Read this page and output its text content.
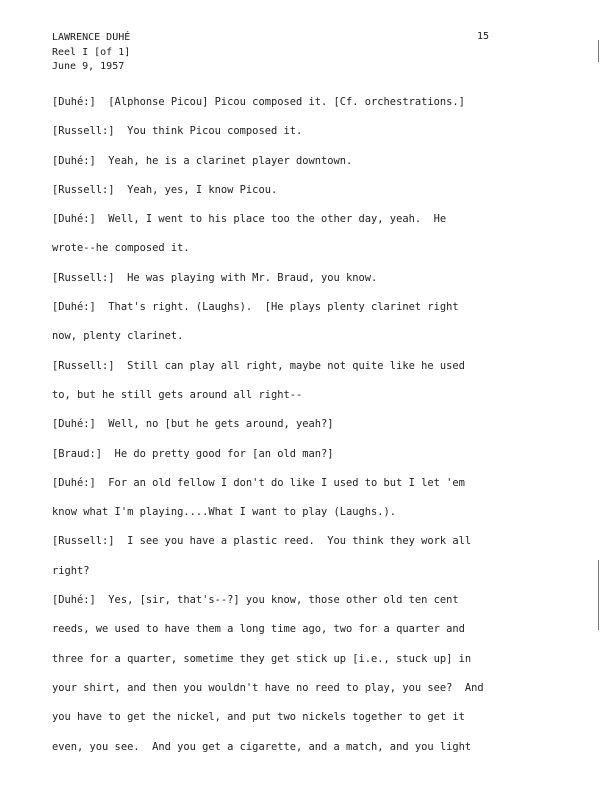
LAWRENCE DUHÉ
Reel I [of 1]
June 9, 1957
15
[Duhé:]  [Alphonse Picou] Picou composed it. [Cf. orchestrations.]
[Russell:]  You think Picou composed it.
[Duhé:]  Yeah, he is a clarinet player downtown.
[Russell:]  Yeah, yes, I know Picou.
[Duhé:]  Well, I went to his place too the other day, yeah.  He
wrote--he composed it.
[Russell:]  He was playing with Mr. Braud, you know.
[Duhé:]  That's right. (Laughs).  [He plays plenty clarinet right
now, plenty clarinet.
[Russell:]  Still can play all right, maybe not quite like he used
to, but he still gets around all right--
[Duhé:]  Well, no [but he gets around, yeah?]
[Braud:]  He do pretty good for [an old man?]
[Duhé:]  For an old fellow I don't do like I used to but I let 'em
know what I'm playing....What I want to play (Laughs.).
[Russell:]  I see you have a plastic reed.  You think they work all
right?
[Duhé:]  Yes, [sir, that's--?] you know, those other old ten cent
reeds, we used to have them a long time ago, two for a quarter and
three for a quarter, sometime they get stick up [i.e., stuck up] in
your shirt, and then you wouldn't have no reed to play, you see?  And
you have to get the nickel, and put two nickels together to get it
even, you see.  And you get a cigarette, and a match, and you light
